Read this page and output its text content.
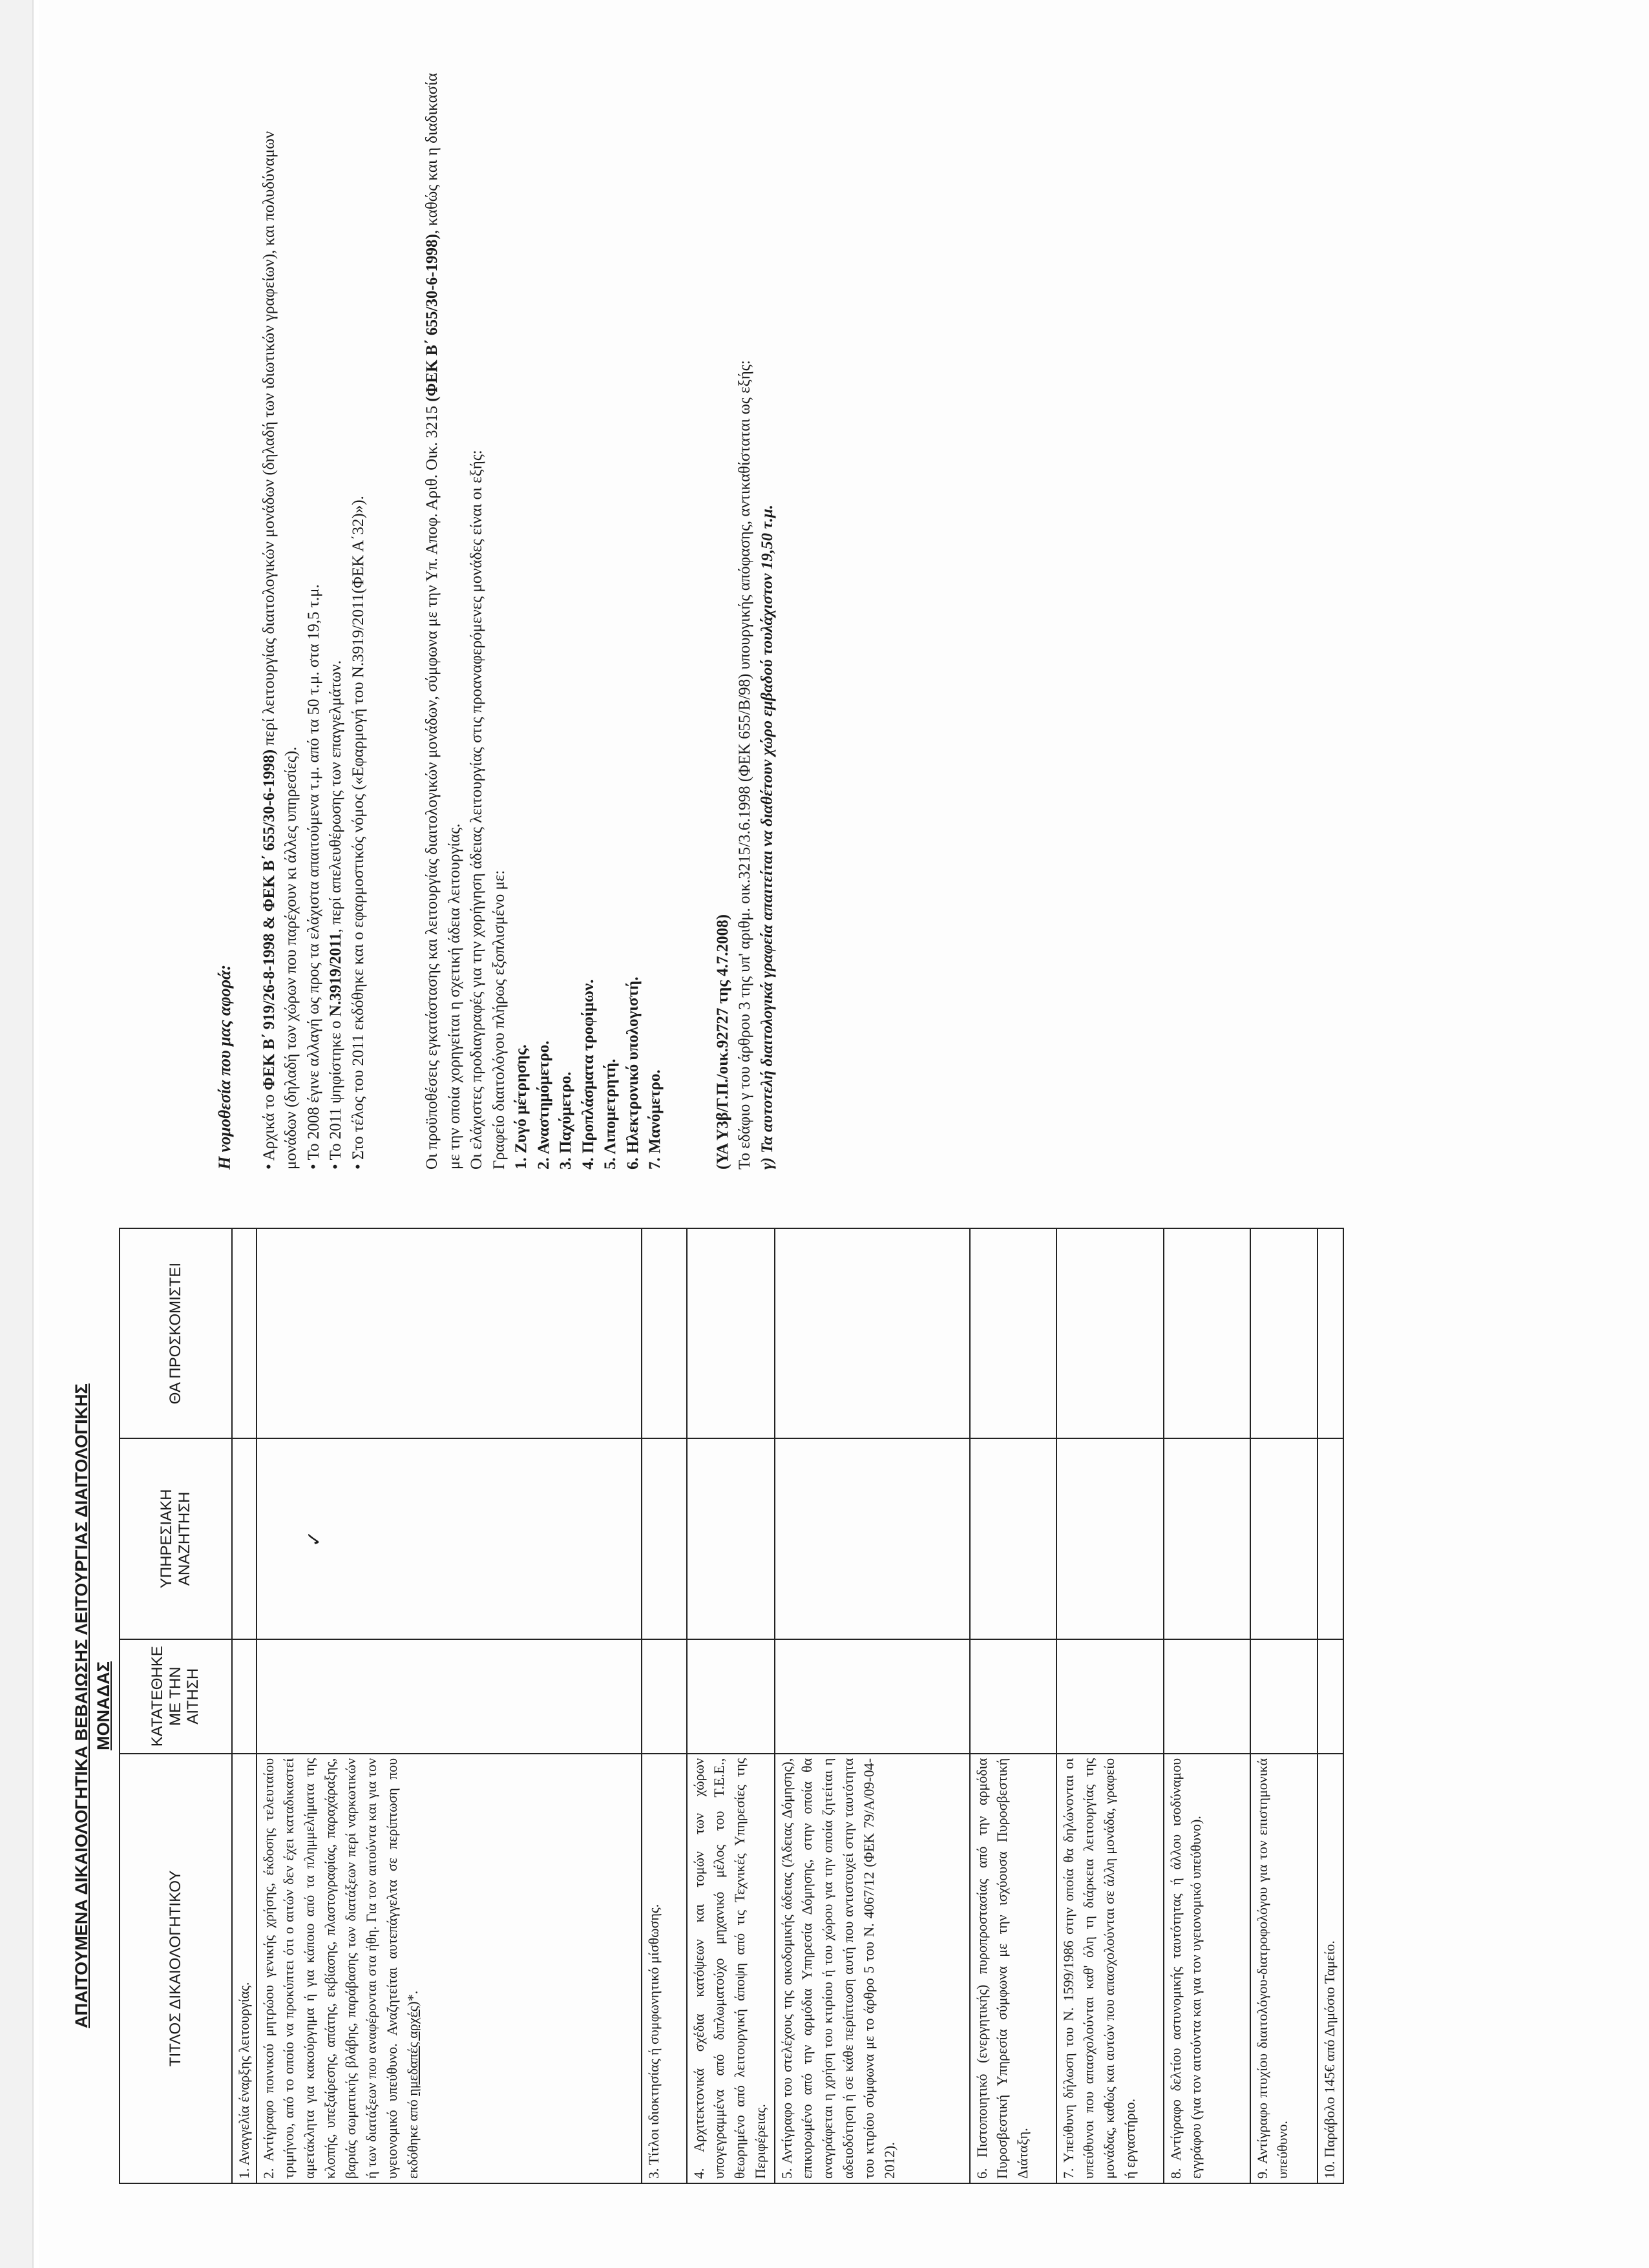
ΑΠΑΙΤΟΥΜΕΝΑ ΔΙΚΑΙΟΛΟΓΗΤΙΚΑ ΒΕΒΑΙΩΣΗΣ ΛΕΙΤΟΥΡΓΙΑΣ ΔΙΑΙΤΟΛΟΓΙΚΗΣ ΜΟΝΑΔΑΣ
ΤΙΤΛΟΣ ΔΙΚΑΙΟΛΟΓΗΤΙΚΟΥ	ΚΑΤΑΤΕΘΗΚΕ ΜΕ ΤΗΝ ΑΙΤΗΣΗ	ΥΠΗΡΕΣΙΑΚΗ ΑΝΑΖΗΤΗΣΗ	ΘΑ ΠΡΟΣΚΟΜΙΣΤΕΙ
1. Αναγγελία έναρξης λειτουργίας.			
2. Αντίγραφο ποινικού μητρώου γενικής χρήσης, έκδοσης τελευταίου τριμήνου, από το οποίο να προκύπτει ότι ο αιτών δεν έχει καταδικαστεί αμετάκλητα για κακούργημα ή για κάποιο από τα πλημμελήματα της κλοπής, υπεξαίρεσης, απάτης, εκβίασης, πλαστογραφίας, παραχάραξης, βαριάς σωματικής βλάβης, παράβασης των διατάξεων περί ναρκωτικών ή των διατάξεων που αναφέρονται στα ήθη. Για τον αιτούντα και για τον υγειονομικό υπεύθυνο. Αναζητείται αυτεπάγγελτα σε περίπτωση που εκδόθηκε από ημεδαπές αρχές)*.		✓	

3. Τίτλοι ιδιοκτησίας ή συμφωνητικό μίσθωσης.			
4. Αρχιτεκτονικά σχέδια κατόψεων και τομών των χώρων υπογεγραμμένα από διπλωματούχο μηχανικό μέλος του Τ.Ε.Ε., θεωρημένο από λειτουργική άποψη από τις Τεχνικές Υπηρεσίες της Περιφέρειας.			
5. Αντίγραφο του στελέχους της οικοδομικής άδειας (Άδειας Δόμησης), επικυρωμένο από την αρμόδια Υπηρεσία Δόμησης, στην οποία θα αναγράφεται η χρήση του κτιρίου ή του χώρου για την οποία ζητείται η αδειοδότηση ή σε κάθε περίπτωση αυτή που αντιστοιχεί στην ταυτότητα του κτιρίου σύμφωνα με το άρθρο 5 του Ν. 4067/12 (ΦΕΚ 79/Α/09-04-2012).			
6. Πιστοποιητικό (ενεργητικής) πυροπροστασίας από την αρμόδια Πυροσβεστική Υπηρεσία σύμφωνα με την ισχύουσα Πυροσβεστική Διάταξη.			
7. Υπεύθυνη δήλωση του Ν. 1599/1986 στην οποία θα δηλώνονται οι υπεύθυνοι που απασχολούνται καθ' όλη τη διάρκεια λειτουργίας της μονάδας, καθώς και αυτών που απασχολούνται σε άλλη μονάδα, γραφείο ή εργαστήριο.			
8. Αντίγραφο δελτίου αστυνομικής ταυτότητας ή άλλου ισοδύναμου εγγράφου (για τον αιτούντα και για τον υγειονομικό υπεύθυνο).			
9. Αντίγραφο πτυχίου διαιτολόγου-διατροφολόγου για τον επιστημονικά υπεύθυνο.			
10. Παράβολο 145€ από Δημόσιο Ταμείο.			
Η νομοθεσία που μας αφορά: • Αρχικά το ΦΕΚ Β΄ 919/26-8-1998 & ΦΕΚ Β΄ 655/30-6-1998) περί λειτουργίας διαιτολογικών μονάδων (δηλαδή των ιδιωτικών γραφείων), και πολυδύναμων μονάδων (δηλαδή των χώρων που παρέχουν κι άλλες υπηρεσίες). • Το 2008 έγινε αλλαγή ως προς τα ελάχιστα απαιτούμενα τ.μ. από τα 50 τ.μ. στα 19,5 τ.μ. • Το 2011 ψηφίστηκε ο Ν.3919/2011, περί απελευθέρωσης των επαγγελμάτων. • Στο τέλος του 2011 εκδόθηκε και ο εφαρμοστικός νόμος («Εφαρμογή του Ν.3919/2011(ΦΕΚ Α΄32)»).	Οι προϋποθέσεις εγκατάστασης και λειτουργίας διαιτολογικών μονάδων, σύμφωνα με την Υπ. Αποφ. Αριθ. Οικ. 3215 (ΦΕΚ Β΄ 655/30-6-1998), καθώς και η διαδικασία με την οποία χορηγείται η σχετική άδεια λειτουργίας. Οι ελάχιστες προδιαγραφές για την χορήγηση άδειας λειτουργίας στις προαναφερόμενες μονάδες είναι οι εξής: Γραφείο διαιτολόγου πλήρως εξοπλισμένο με: 1. Ζυγό μέτρησης. 2. Αναστημόμετρο. 3. Παχύμετρο. 4. Προπλάσματα τροφίμων. 5. Λιπομετρητή. 6. Ηλεκτρονικό υπολογιστή. 7. Μανόμετρο.	(ΥΑ Υ3β/Γ.Π./οικ.92727 της 4.7.2008) Το εδάφιο γ του άρθρου 3 της υπ' αριθμ. οικ.3215/3.6.1998 (ΦΕΚ 655/Β/98) υπουργικής απόφασης, αντικαθίσταται ως εξής: γ) Τα αυτοτελή διαιτολογικά γραφεία απαιτείται να διαθέτουν χώρο εμβαδού τουλάχιστον 19,50 τ.μ.
